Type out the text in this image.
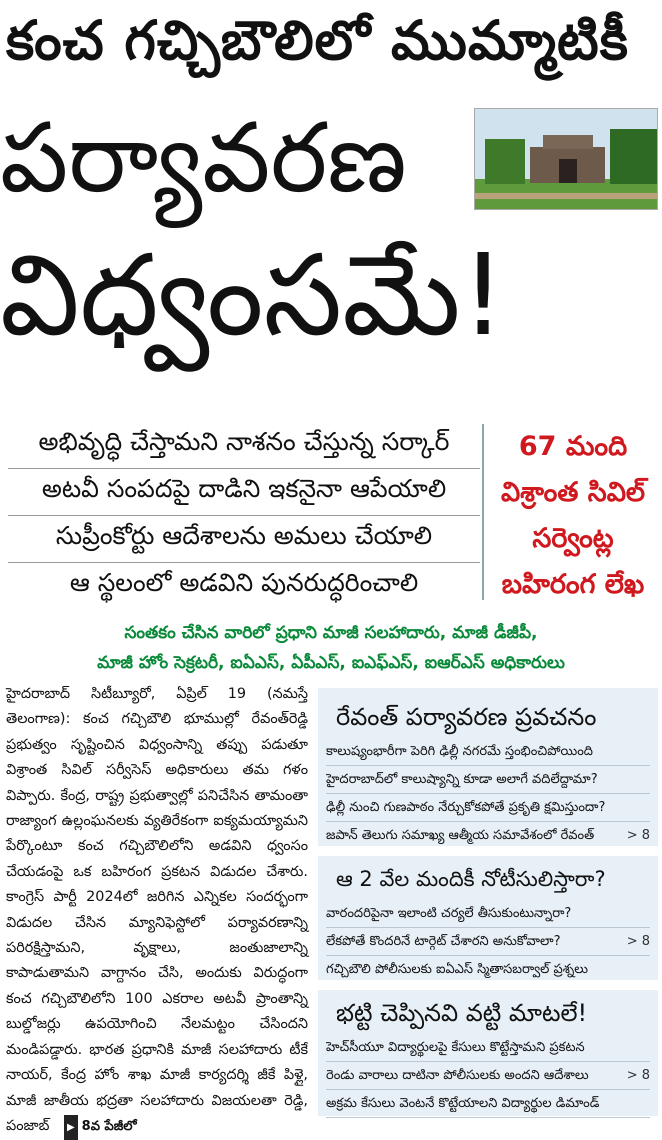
కంచ గచ్చిబౌలిలో ముమ్మాటికీ
పర్యావరణ
విధ్వంసమే!
అభివృద్ధి చేస్తామని నాశనం చేస్తున్న సర్కార్
అటవీ సంపదపై దాడిని ఇకనైనా ఆపేయాలి
సుప్రీంకోర్టు ఆదేశాలను అమలు చేయాలి
ఆ స్థలంలో అడవిని పునరుద్ధరించాలి
67 మంది
విశ్రాంత సివిల్
సర్వెంట్ల
బహిరంగ లేఖ
సంతకం చేసిన వారిలో ప్రధాని మాజీ సలహాదారు, మాజీ డీజీపీ,
మాజీ హోం సెక్రటరీ, ఐఏఎస్, ఏపీఎస్, ఐఎఫ్ఎస్, ఐఆర్ఎస్ అధికారులు
హైదరాబాద్ సిటీబ్యూరో, ఏప్రిల్ 19 (నమస్తే తెలంగాణ): కంచ గచ్చిబౌలి భూముల్లో రేవంత్‌రెడ్డి ప్రభుత్వం సృష్టించిన విధ్వంసాన్ని తప్పు పడుతూ విశ్రాంత సివిల్ సర్వీసెస్ అధికారులు తమ గళం విప్పారు. కేంద్ర, రాష్ట్ర ప్రభుత్వాల్లో పనిచేసిన తామంతా రాజ్యాంగ ఉల్లంఘనలకు వ్యతిరేకంగా ఐక్యమయ్యామని పేర్కొంటూ కంచ గచ్చిబౌలిలోని అడవిని ధ్వంసం చేయడంపై ఒక బహిరంగ ప్రకటన విడుదల చేశారు. కాంగ్రెస్ పార్టీ 2024లో జరిగిన ఎన్నికల సందర్భంగా విడుదల చేసిన మ్యానిఫెస్టోలో పర్యావరణాన్ని పరిరక్షిస్తామని, వృక్షాలు, జంతుజాలాన్ని కాపాడుతామని వాగ్దానం చేసి, అందుకు విరుద్ధంగా కంచ గచ్చిబౌలిలోని 100 ఎకరాల అటవీ ప్రాంతాన్ని బుల్డోజర్లు ఉపయోగించి నేలమట్టం చేసిందని మండిపడ్డారు. భారత ప్రధానికి మాజీ సలహాదారు టీకే నాయర్, కేంద్ర హోం శాఖ మాజీ కార్యదర్శి జీకే పిళ్లై, మాజీ జాతీయ భద్రతా సలహాదారు విజయలతా రెడ్డి, పంజాబ్ ▶ 8వ పేజీలో
రేవంత్ పర్యావరణ ప్రవచనం
కాలుష్యంభారీగా పెరిగి ఢిల్లీ నగరమే స్తంభించిపోయింది
హైదరాబాద్‌లో కాలుష్యాన్ని కూడా అలాగే వదిలేద్దామా?
ఢిల్లీ నుంచి గుణపాఠం నేర్చుకోకపోతే ప్రకృతి క్షమిస్తుందా?
జపాన్ తెలుగు సమాఖ్య ఆత్మీయ సమావేశంలో రేవంత్	> 8
ఆ 2 వేల మందికీ నోటీసులిస్తారా?
వారందరిపైనా ఇలాంటి చర్యలే తీసుకుంటున్నారా?
లేకపోతే కొందరినే టార్గెట్ చేశారని అనుకోవాలా?	> 8
గచ్చిబౌలి పోలీసులకు ఐఏఎస్ స్మితాసబర్వాల్ ప్రశ్నలు
భట్టి చెప్పినవి వట్టి మాటలే!
హెచ్‌సీయూ విద్యార్థులపై కేసులు కొట్టేస్తామని ప్రకటన
రెండు వారాలు దాటినా పోలీసులకు అందని ఆదేశాలు	> 8
అక్రమ కేసులు వెంటనే కొట్టేయాలని విద్యార్థుల డిమాండ్
